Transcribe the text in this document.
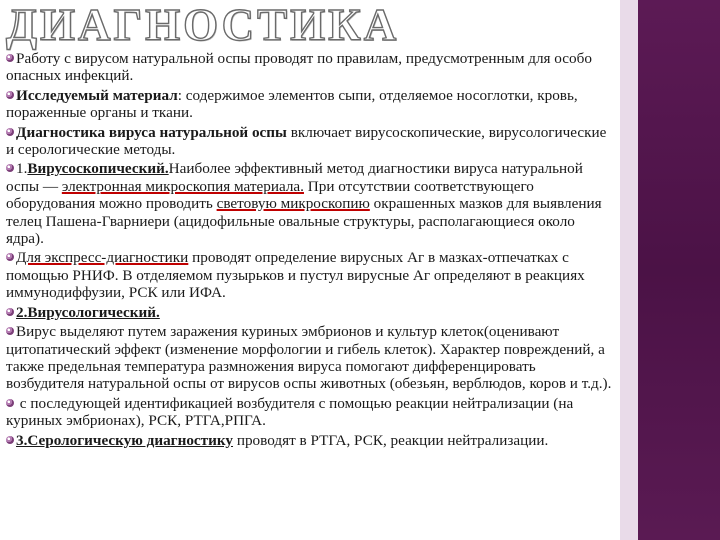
ДИАГНОСТИКА

Работу с вирусом натуральной оспы проводят по правилам, предусмотренным для особо опасных инфекций.

Исследуемый материал: содержимое элементов сыпи, отделяемое носоглотки, кровь, пораженные органы и ткани.

Диагностика вируса натуральной оспы включает вирусоскопические, вирусологические и серологические методы.

1.Вирусоскопический.Наиболее эффективный метод диагностики вируса натуральной оспы — электронная микроскопия материала. При отсутствии соответствующего оборудования можно проводить световую микроскопию окрашенных мазков для выявления телец Пашена-Гварниери (ацидофильные овальные структуры, располагающиеся около ядра).

Для экспресс-диагностики проводят определение вирусных Аг в мазках-отпечатках с помощью РНИФ. В отделяемом пузырьков и пустул вирусные Аг определяют в реакциях иммунодиффузии, РСК или ИФА.

2.Вирусологический.

Вирус выделяют путем заражения куриных эмбрионов и культур клеток(оценивают цитопатический эффект (изменение морфологии и гибель клеток). Характер повреждений, а также предельная температура размножения вируса помогают дифференцировать возбудителя натуральной оспы от вирусов оспы животных (обезьян, верблюдов, коров и т.д.).

с последующей идентификацией возбудителя с помощью реакции нейтрализации (на куриных эмбрионах), РСК, РТГА,РПГА.

3.Серологическую диагностику проводят в РТГА, РСК, реакции нейтрализации.
